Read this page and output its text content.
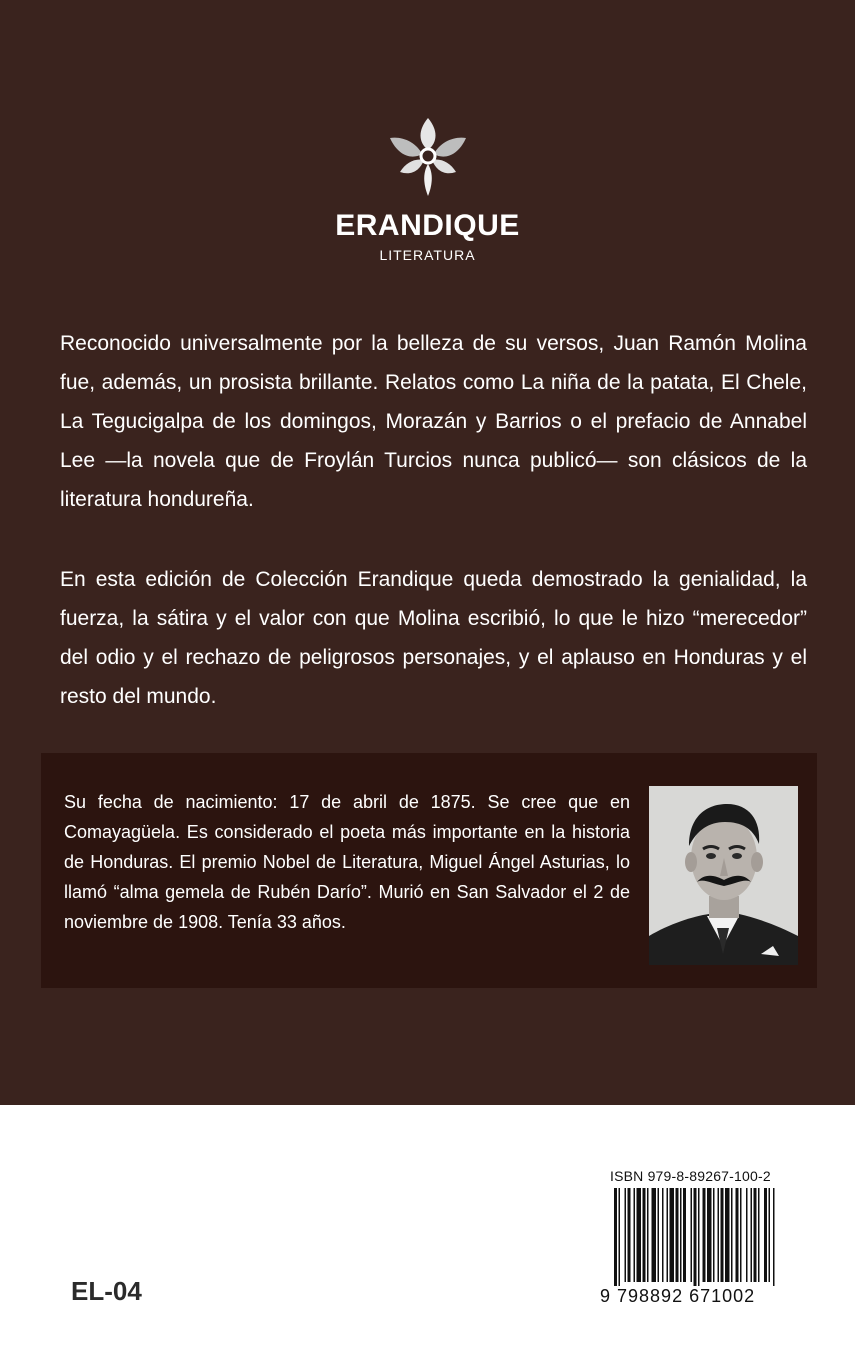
ERANDIQUE
LITERATURA
Reconocido universalmente por la belleza de su versos, Juan Ramón Molina fue, además, un prosista brillante. Relatos como La niña de la patata, El Chele, La Tegucigalpa de los domingos, Morazán y Barrios o el prefacio de Annabel Lee —la novela que de Froylán Turcios nunca publicó— son clásicos de la literatura hondureña.
En esta edición de Colección Erandique queda demostrado la genialidad, la fuerza, la sátira y el valor con que Molina escribió, lo que le hizo “merecedor” del odio y el rechazo de peligrosos personajes, y el aplauso en Honduras y el resto del mundo.
Su fecha de nacimiento: 17 de abril de 1875. Se cree que en Comayagüela. Es considerado el poeta más importante en la historia de Honduras. El premio Nobel de Literatura, Miguel Ángel Asturias, lo llamó “alma gemela de Rubén Darío”. Murió en San Salvador el 2 de noviembre de 1908. Tenía 33 años.
EL-04
ISBN 979-8-89267-100-2
9 798892 671002
